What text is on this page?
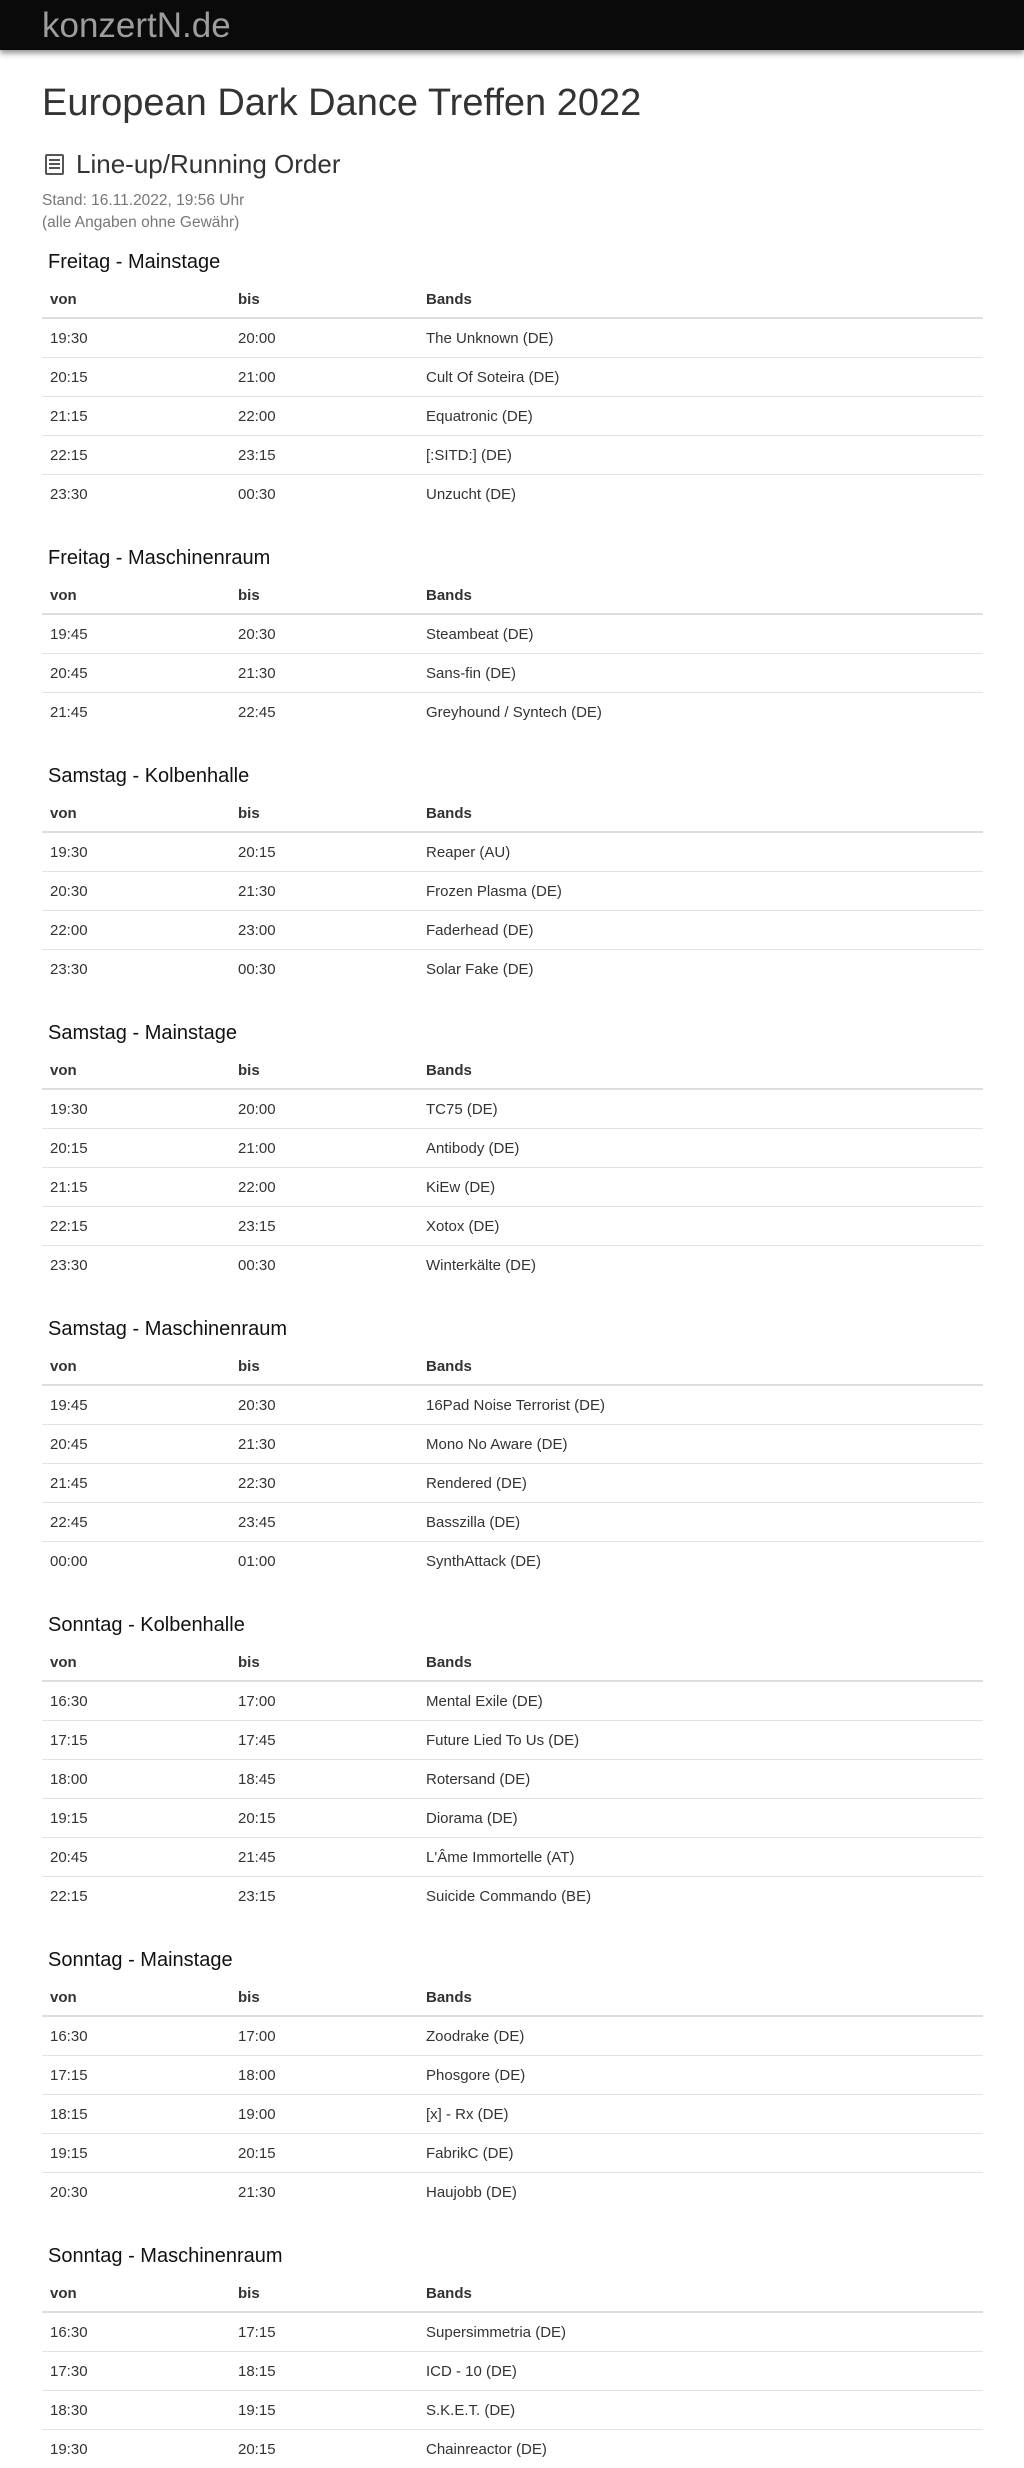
konzertN.de
European Dark Dance Treffen 2022
Line-up/Running Order
Stand: 16.11.2022, 19:56 Uhr
(alle Angaben ohne Gewähr)
Freitag - Mainstage
von	bis	Bands
19:30	20:00	The Unknown (DE)
20:15	21:00	Cult Of Soteira (DE)
21:15	22:00	Equatronic (DE)
22:15	23:15	[:SITD:] (DE)
23:30	00:30	Unzucht (DE)
Freitag - Maschinenraum
von	bis	Bands
19:45	20:30	Steambeat (DE)
20:45	21:30	Sans-fin (DE)
21:45	22:45	Greyhound / Syntech (DE)
Samstag - Kolbenhalle
von	bis	Bands
19:30	20:15	Reaper (AU)
20:30	21:30	Frozen Plasma (DE)
22:00	23:00	Faderhead (DE)
23:30	00:30	Solar Fake (DE)
Samstag - Mainstage
von	bis	Bands
19:30	20:00	TC75 (DE)
20:15	21:00	Antibody (DE)
21:15	22:00	KiEw (DE)
22:15	23:15	Xotox (DE)
23:30	00:30	Winterkälte (DE)
Samstag - Maschinenraum
von	bis	Bands
19:45	20:30	16Pad Noise Terrorist (DE)
20:45	21:30	Mono No Aware (DE)
21:45	22:30	Rendered (DE)
22:45	23:45	Basszilla (DE)
00:00	01:00	SynthAttack (DE)
Sonntag - Kolbenhalle
von	bis	Bands
16:30	17:00	Mental Exile (DE)
17:15	17:45	Future Lied To Us (DE)
18:00	18:45	Rotersand (DE)
19:15	20:15	Diorama (DE)
20:45	21:45	L'Âme Immortelle (AT)
22:15	23:15	Suicide Commando (BE)
Sonntag - Mainstage
von	bis	Bands
16:30	17:00	Zoodrake (DE)
17:15	18:00	Phosgore (DE)
18:15	19:00	[x] - Rx (DE)
19:15	20:15	FabrikC (DE)
20:30	21:30	Haujobb (DE)
Sonntag - Maschinenraum
von	bis	Bands
16:30	17:15	Supersimmetria (DE)
17:30	18:15	ICD - 10 (DE)
18:30	19:15	S.K.E.T. (DE)
19:30	20:15	Chainreactor (DE)
